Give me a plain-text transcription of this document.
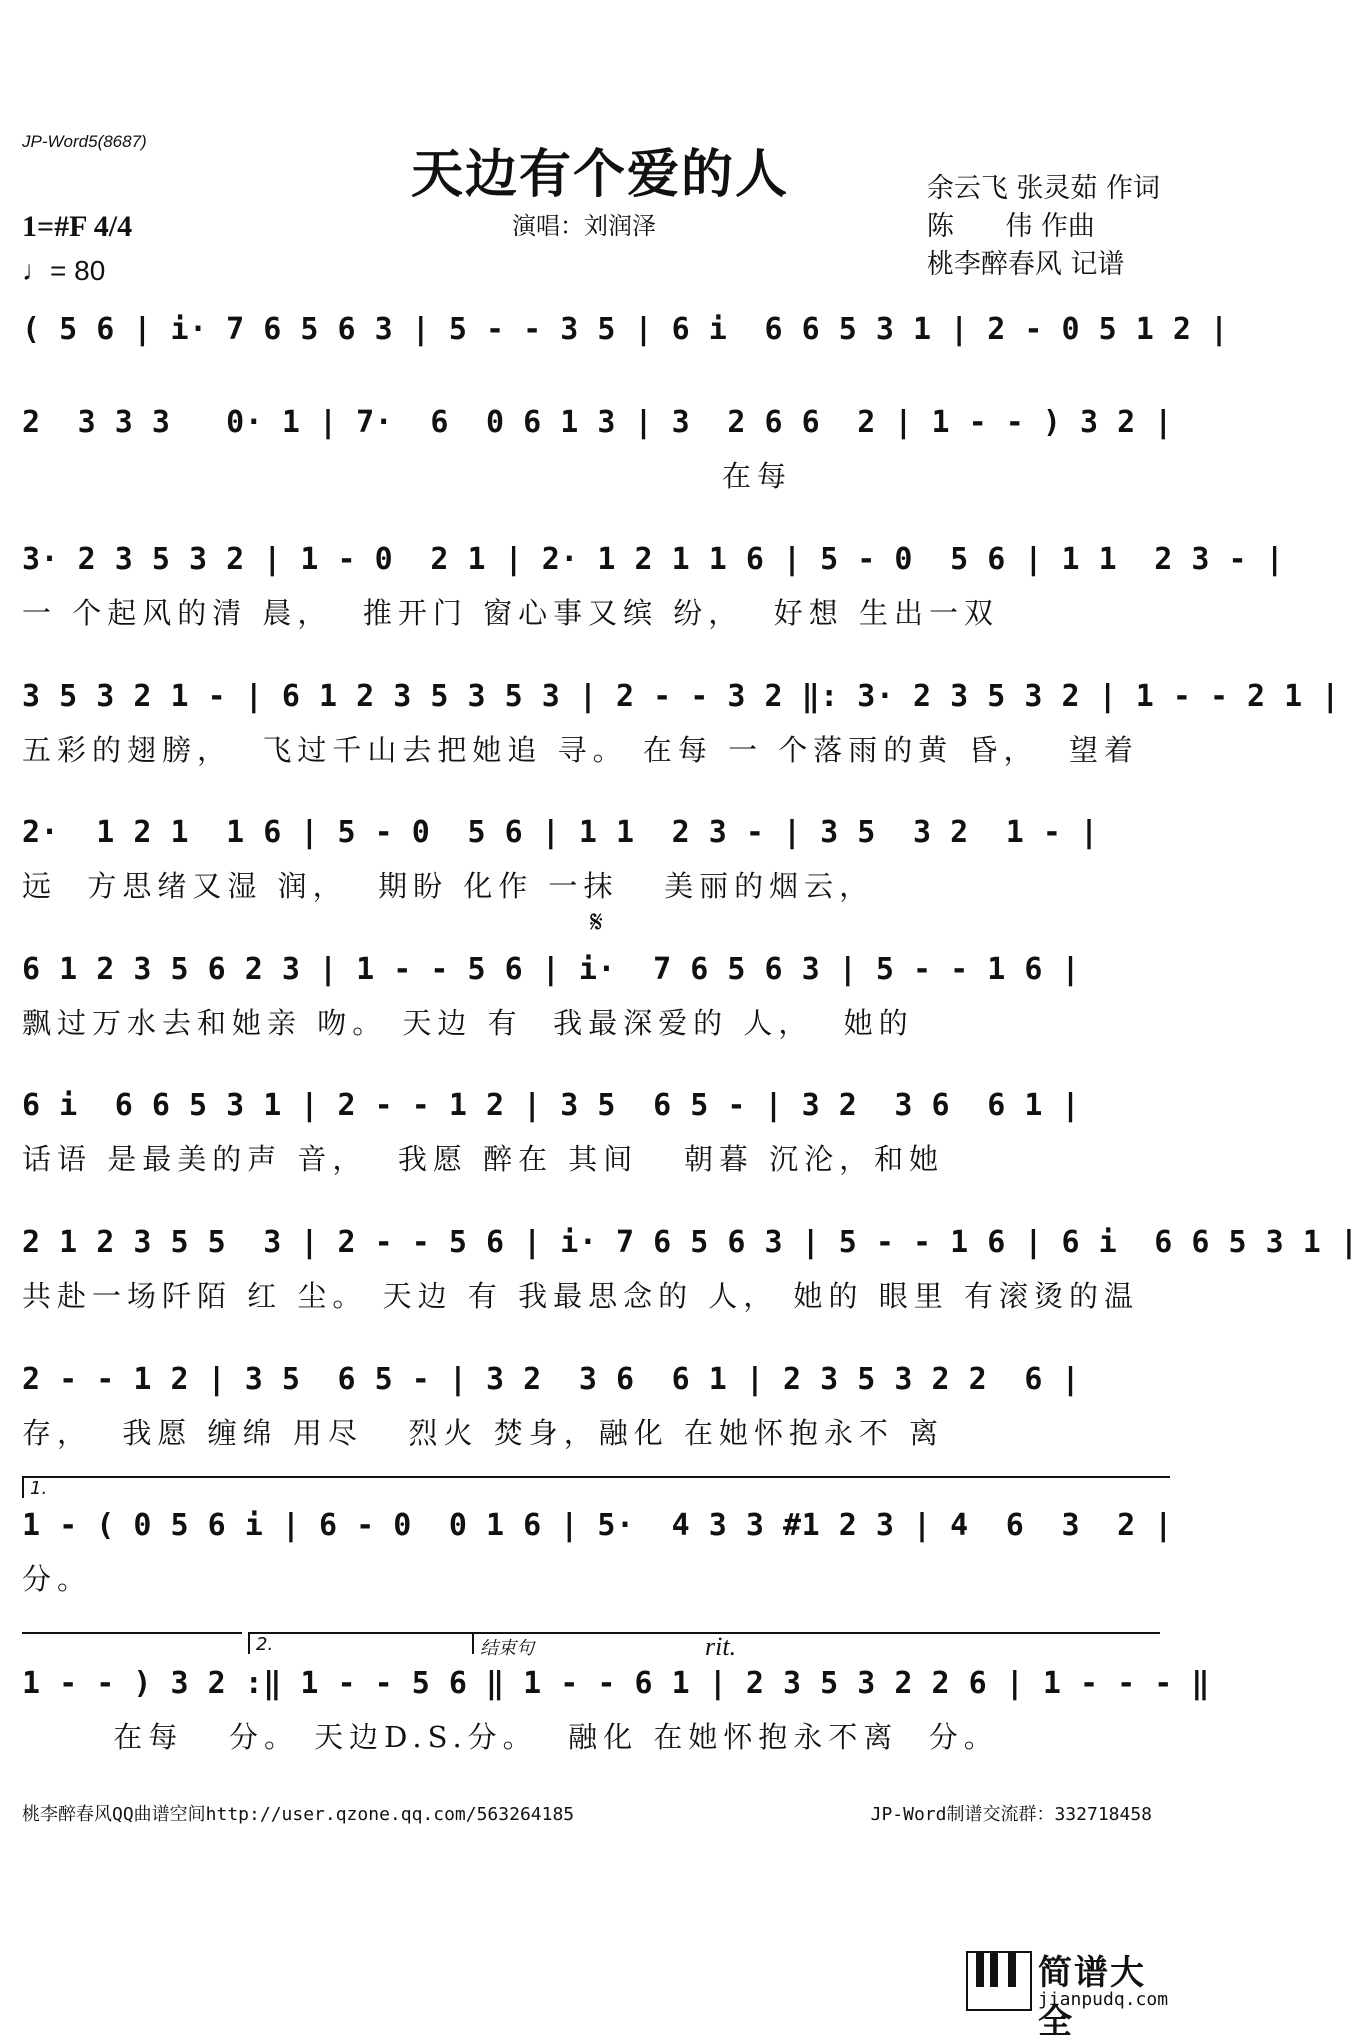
JP-Word5(8687)
天边有个爱的人
演唱：刘润泽
余云飞 张灵茹 作词
陈      伟 作曲
桃李醉春风 记谱
1=#F 4/4
♩= 80
𝄋
rit.
( 5 6 | i· 7 6 5 6 3 | 5 - - 3 5 | 6 i  6 6 5 3 1 | 2 - 0 5 1 2 |
2  3 3 3   0· 1 | 7·  6  0 6 1 3 | 3  2 6 6  2 | 1 - - ) 3 2 |
在每
3· 2 3 5 3 2 | 1 - 0  2 1 | 2· 1 2 1 1 6 | 5 - 0  5 6 | 1 1  2 3 - |
一 个起风的清 晨，  推开门 窗心事又缤 纷，  好想 生出一双
3 5 3 2 1 - | 6 1 2 3 5 3 5 3 | 2 - - 3 2 ‖: 3· 2 3 5 3 2 | 1 - - 2 1 |
五彩的翅膀，  飞过千山去把她追 寻。 在每 一 个落雨的黄 昏，  望着
2·  1 2 1  1 6 | 5 - 0  5 6 | 1 1  2 3 - | 3 5  3 2  1 - |
远  方思绪又湿 润，  期盼 化作 一抹   美丽的烟云，
6 1 2 3 5 6 2 3 | 1 - - 5 6 | i·  7 6 5 6 3 | 5 - - 1 6 |
飘过万水去和她亲 吻。 天边 有  我最深爱的 人，  她的
6 i  6 6 5 3 1 | 2 - - 1 2 | 3 5  6 5 - | 3 2  3 6  6 1 |
话语 是最美的声 音，  我愿 醉在 其间   朝暮 沉沦，和她
2 1 2 3 5 5  3 | 2 - - 5 6 | i· 7 6 5 6 3 | 5 - - 1 6 | 6 i  6 6 5 3 1 |
共赴一场阡陌 红 尘。 天边 有 我最思念的 人， 她的 眼里 有滚烫的温
2 - - 1 2 | 3 5  6 5 - | 3 2  3 6  6 1 | 2 3 5 3 2 2  6 |
存，  我愿 缠绵 用尽   烈火 焚身，融化 在她怀抱永不 离
1.
1 - ( 0 5 6 i | 6 - 0  0 1 6 | 5·  4 3 3 #1 2 3 | 4  6  3  2 |
分。
2.	结束句
1 - - ) 3 2 :‖ 1 - - 5 6 ‖ 1 - - 6 1 | 2 3 5 3 2 2 6 | 1 - - - ‖
在每   分。 天边D.S.分。  融化 在她怀抱永不离  分。
桃李醉春风QQ曲谱空间http://user.qzone.qq.com/563264185	JP-Word制谱交流群：332718458
简谱大全
jianpudq.com
